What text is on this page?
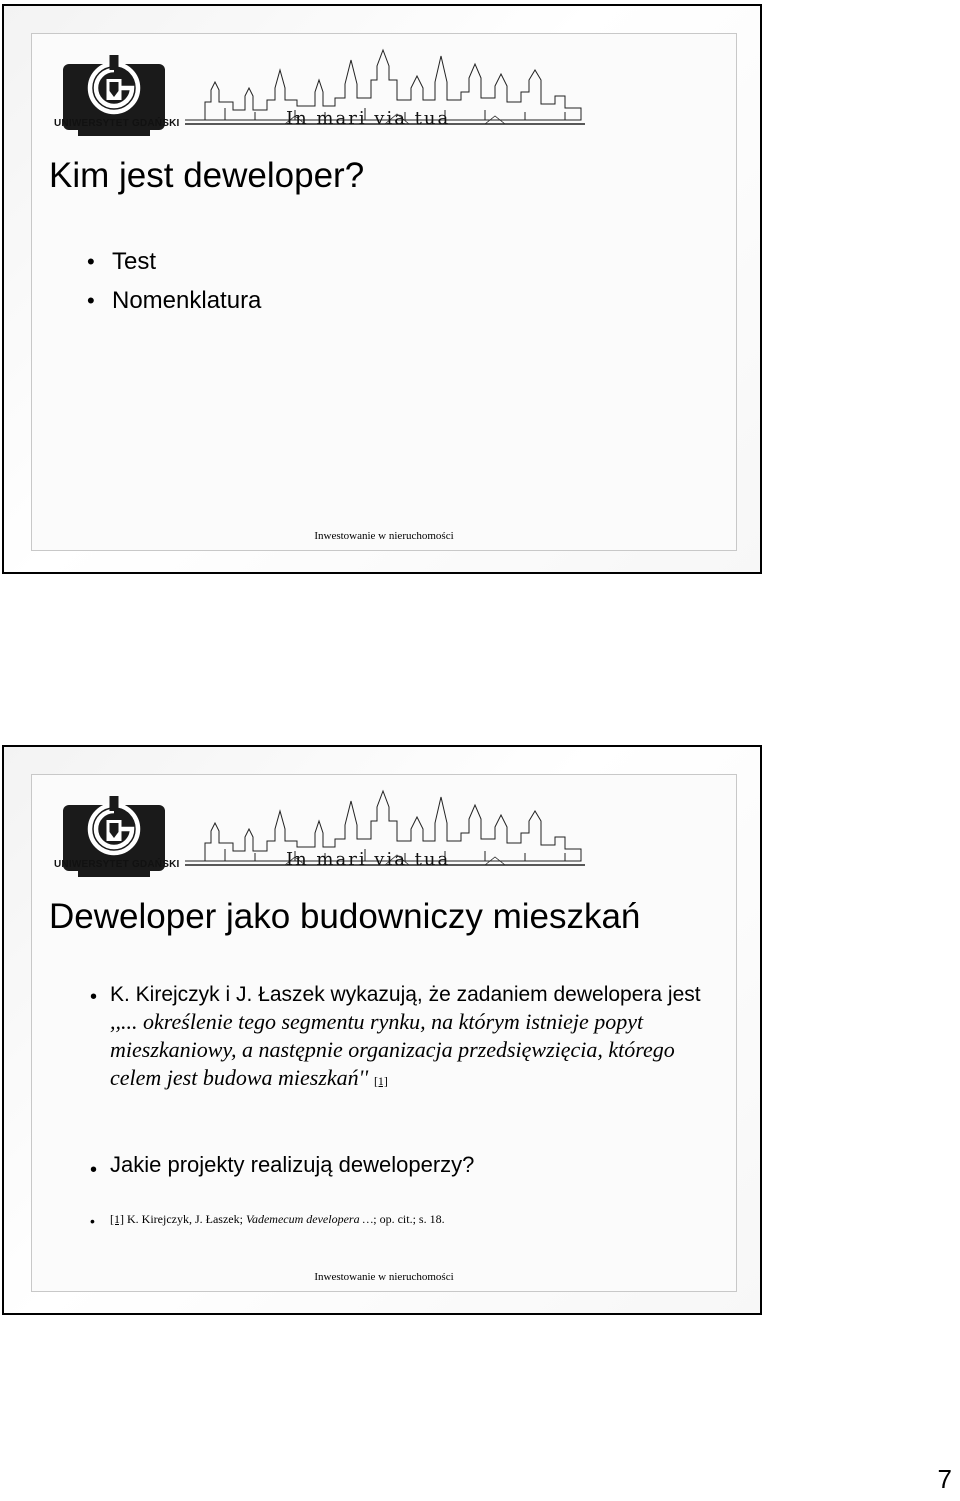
UNIWERSYTET GDAŃSKI	In mari via tua
Kim jest deweloper?
• Test
• Nomenklatura
Inwestowanie w nieruchomości
UNIWERSYTET GDAŃSKI	In mari via tua
Deweloper jako budowniczy mieszkań
• K. Kirejczyk i J. Łaszek wykazują, że zadaniem dewelopera jest ,,... określenie tego segmentu rynku, na którym istnieje popyt mieszkaniowy, a następnie organizacja przedsięwzięcia, którego celem jest budowa mieszkań'' [1]
• Jakie projekty realizują deweloperzy?
• [1] K. Kirejczyk, J. Łaszek; Vademecum developera …; op. cit.; s. 18.
Inwestowanie w nieruchomości
7
